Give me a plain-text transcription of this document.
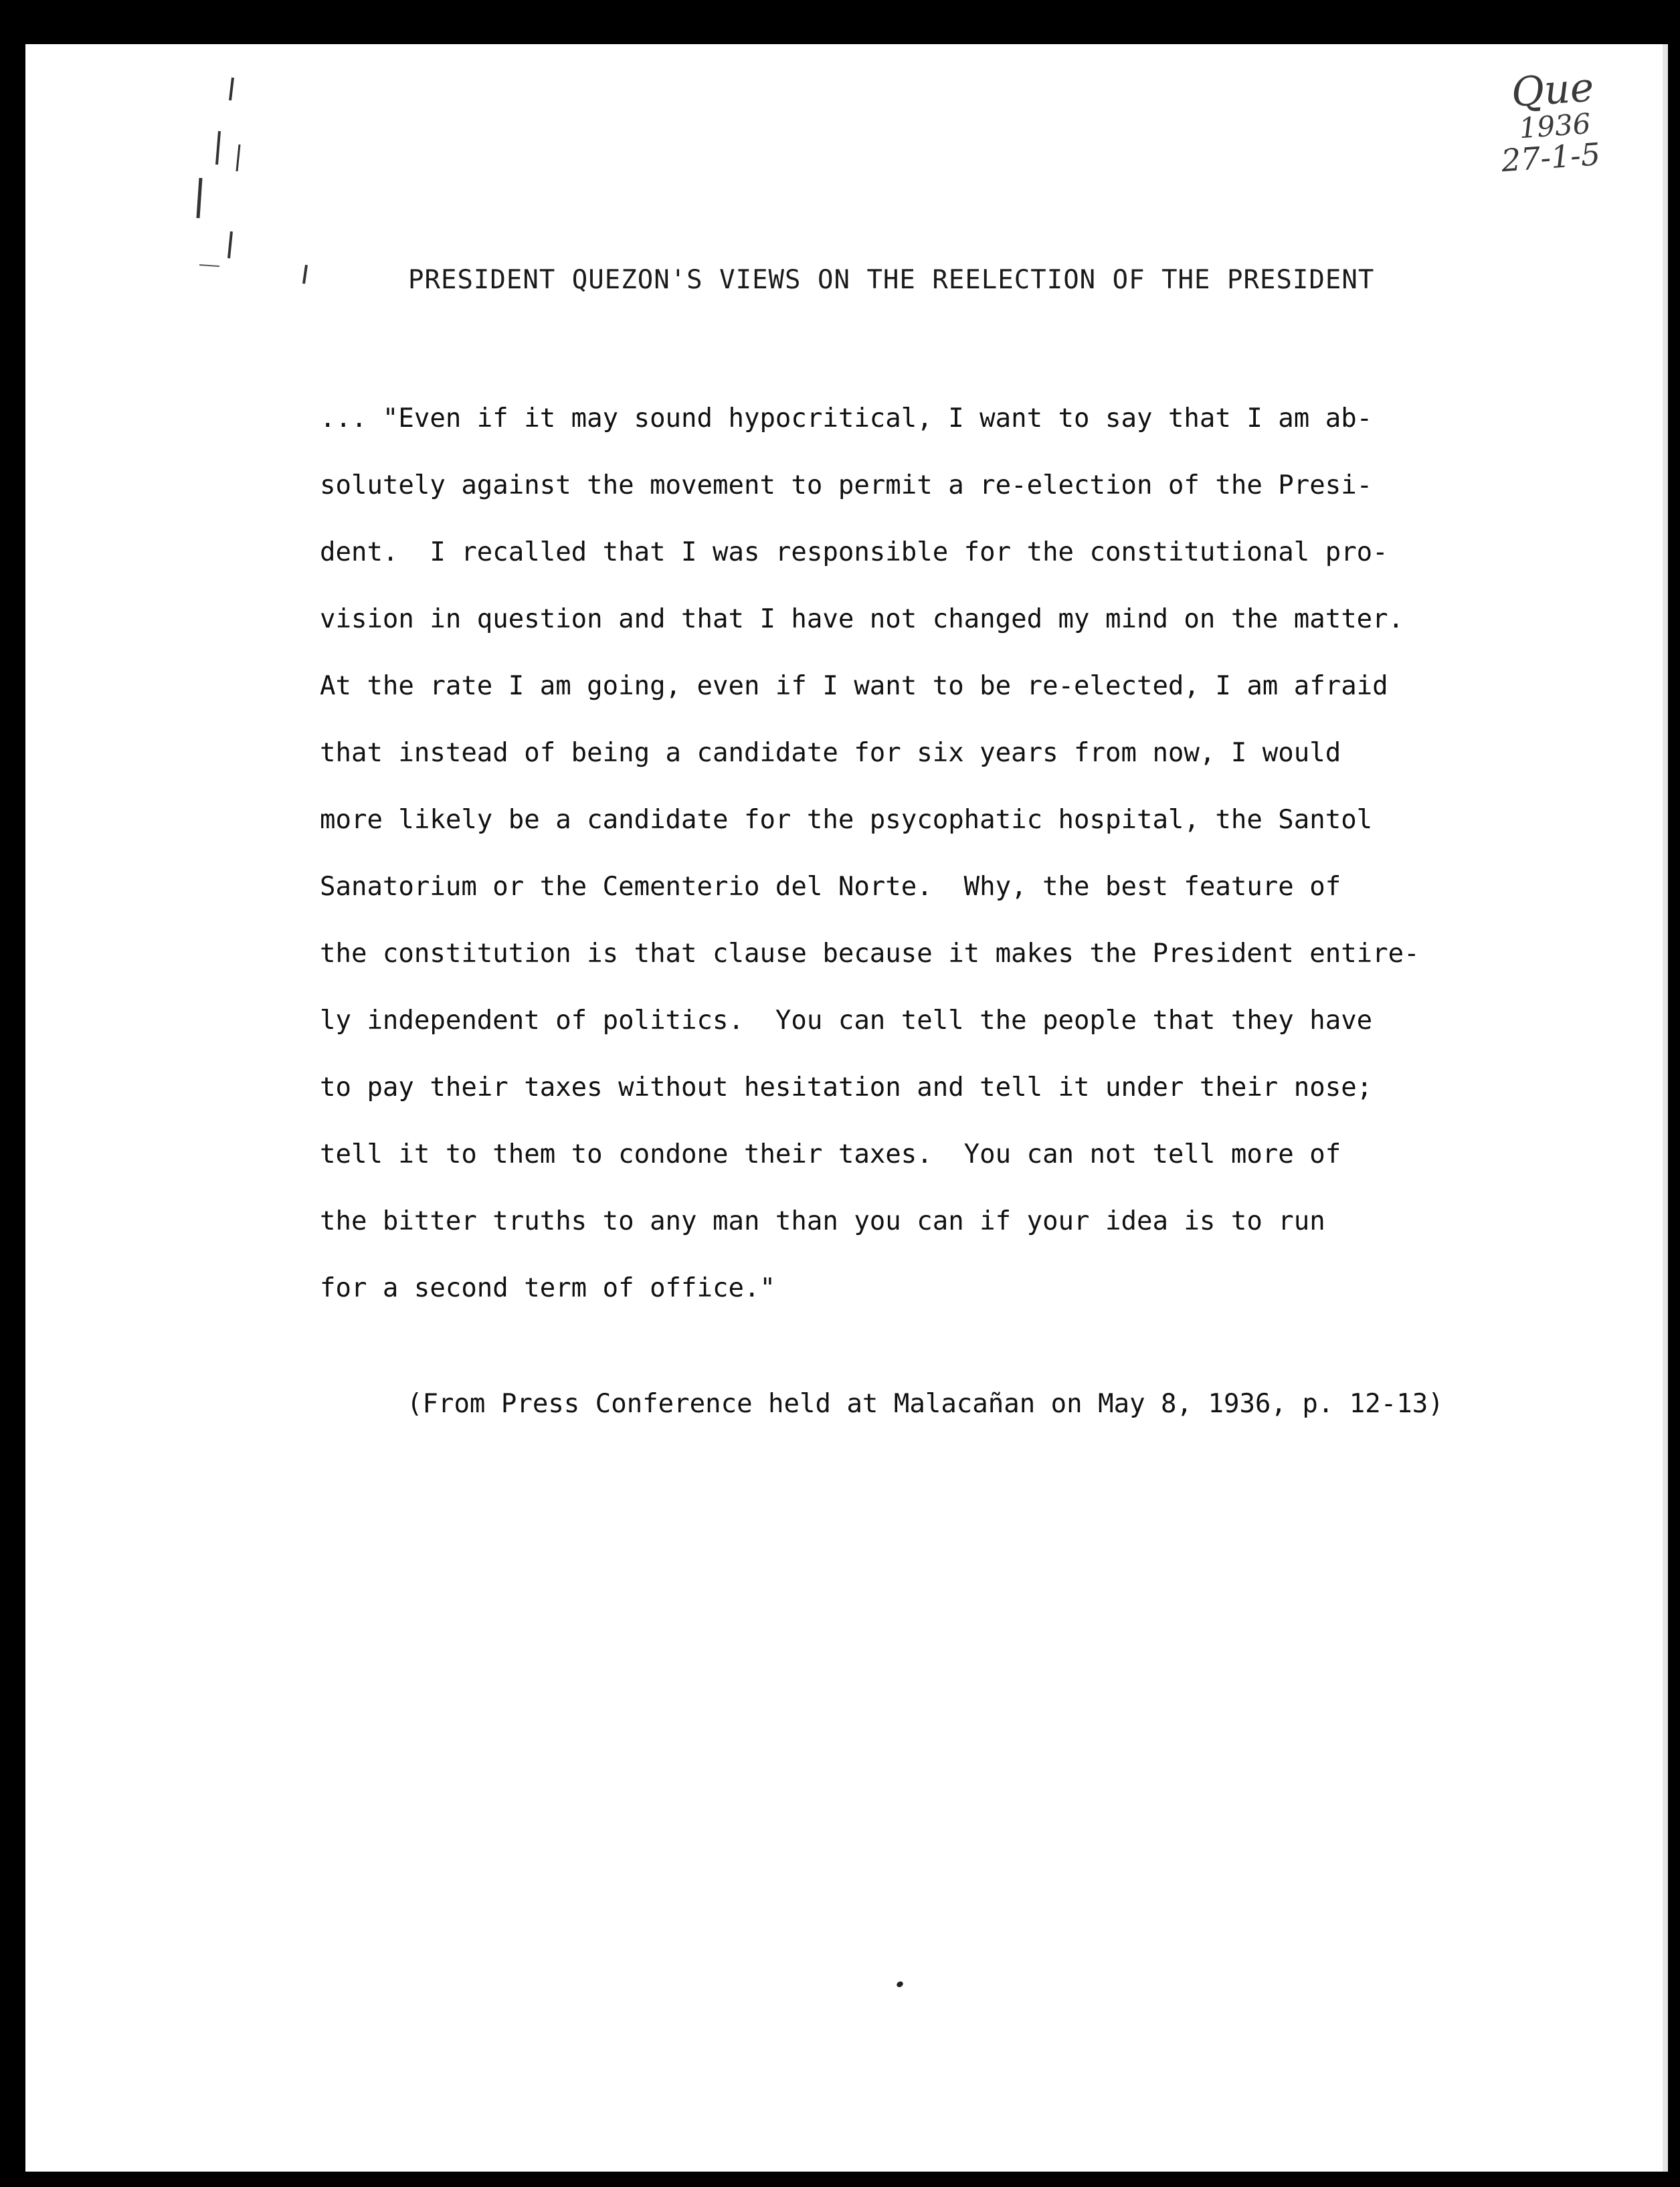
Que
1936
27-1-5
PRESIDENT QUEZON'S VIEWS ON THE REELECTION OF THE PRESIDENT
... "Even if it may sound hypocritical, I want to say that I am ab-
solutely against the movement to permit a re-election of the Presi-
dent.  I recalled that I was responsible for the constitutional pro-
vision in question and that I have not changed my mind on the matter.
At the rate I am going, even if I want to be re-elected, I am afraid
that instead of being a candidate for six years from now, I would
more likely be a candidate for the psycophatic hospital, the Santol
Sanatorium or the Cementerio del Norte.  Why, the best feature of
the constitution is that clause because it makes the President entire-
ly independent of politics.  You can tell the people that they have
to pay their taxes without hesitation and tell it under their nose;
tell it to them to condone their taxes.  You can not tell more of
the bitter truths to any man than you can if your idea is to run
for a second term of office."
(From Press Conference held at Malacañan on May 8, 1936, p. 12-13)
